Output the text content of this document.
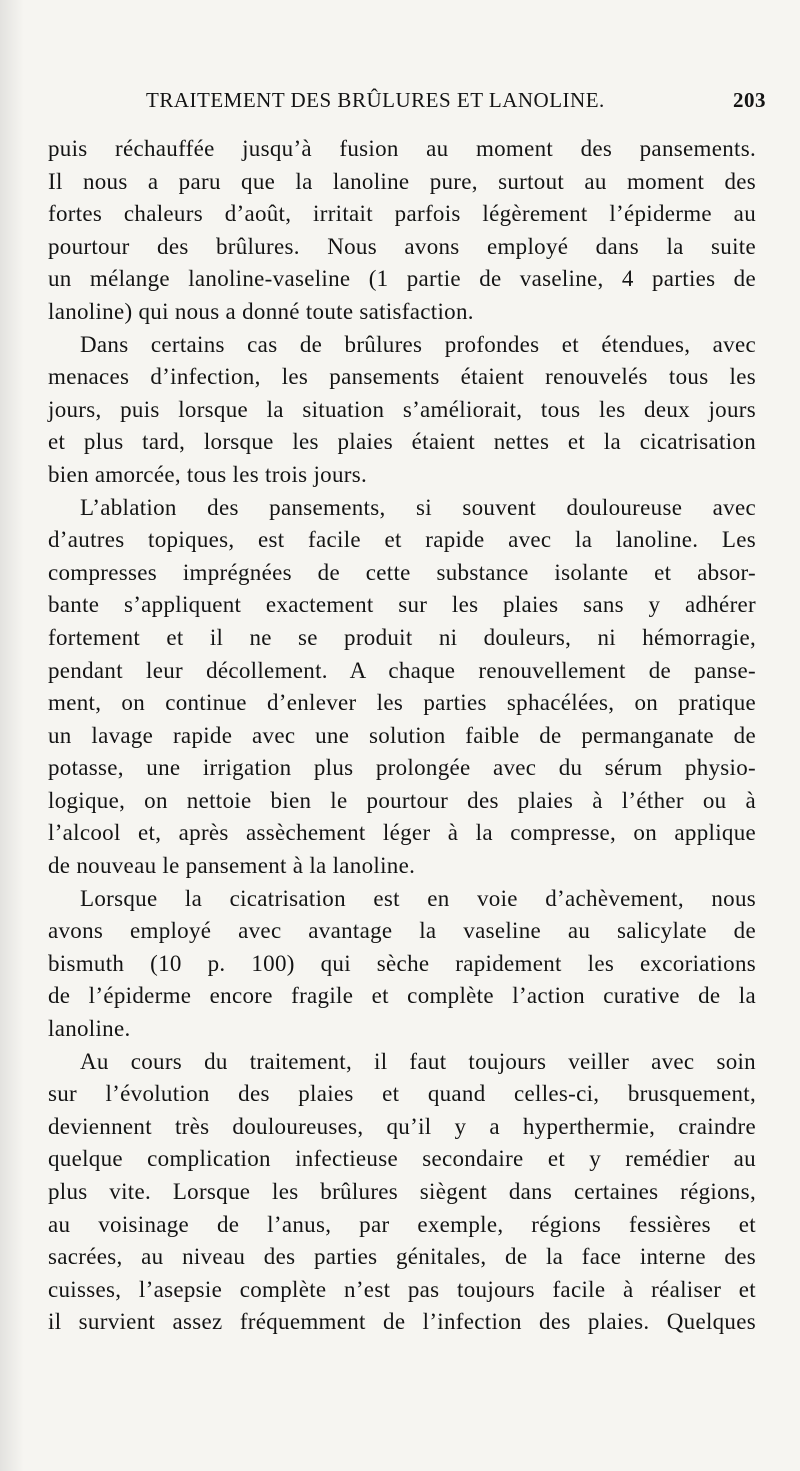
TRAITEMENT DES BRÛLURES ET LANOLINE.	203
puis réchauffée jusqu’à fusion au moment des pansements.
Il nous a paru que la lanoline pure, surtout au moment des
fortes chaleurs d’août, irritait parfois légèrement l’épiderme au
pourtour des brûlures. Nous avons employé dans la suite
un mélange lanoline-vaseline (1 partie de vaseline, 4 parties de
lanoline) qui nous a donné toute satisfaction.
Dans certains cas de brûlures profondes et étendues, avec
menaces d’infection, les pansements étaient renouvelés tous les
jours, puis lorsque la situation s’améliorait, tous les deux jours
et plus tard, lorsque les plaies étaient nettes et la cicatrisation
bien amorcée, tous les trois jours.
L’ablation des pansements, si souvent douloureuse avec
d’autres topiques, est facile et rapide avec la lanoline. Les
compresses imprégnées de cette substance isolante et absor-
bante s’appliquent exactement sur les plaies sans y adhérer
fortement et il ne se produit ni douleurs, ni hémorragie,
pendant leur décollement. A chaque renouvellement de panse-
ment, on continue d’enlever les parties sphacélées, on pratique
un lavage rapide avec une solution faible de permanganate de
potasse, une irrigation plus prolongée avec du sérum physio-
logique, on nettoie bien le pourtour des plaies à l’éther ou à
l’alcool et, après assèchement léger à la compresse, on applique
de nouveau le pansement à la lanoline.
Lorsque la cicatrisation est en voie d’achèvement, nous
avons employé avec avantage la vaseline au salicylate de
bismuth (10 p. 100) qui sèche rapidement les excoriations
de l’épiderme encore fragile et complète l’action curative de la
lanoline.
Au cours du traitement, il faut toujours veiller avec soin
sur l’évolution des plaies et quand celles-ci, brusquement,
deviennent très douloureuses, qu’il y a hyperthermie, craindre
quelque complication infectieuse secondaire et y remédier au
plus vite. Lorsque les brûlures siègent dans certaines régions,
au voisinage de l’anus, par exemple, régions fessières et
sacrées, au niveau des parties génitales, de la face interne des
cuisses, l’asepsie complète n’est pas toujours facile à réaliser et
il survient assez fréquemment de l’infection des plaies. Quelques
